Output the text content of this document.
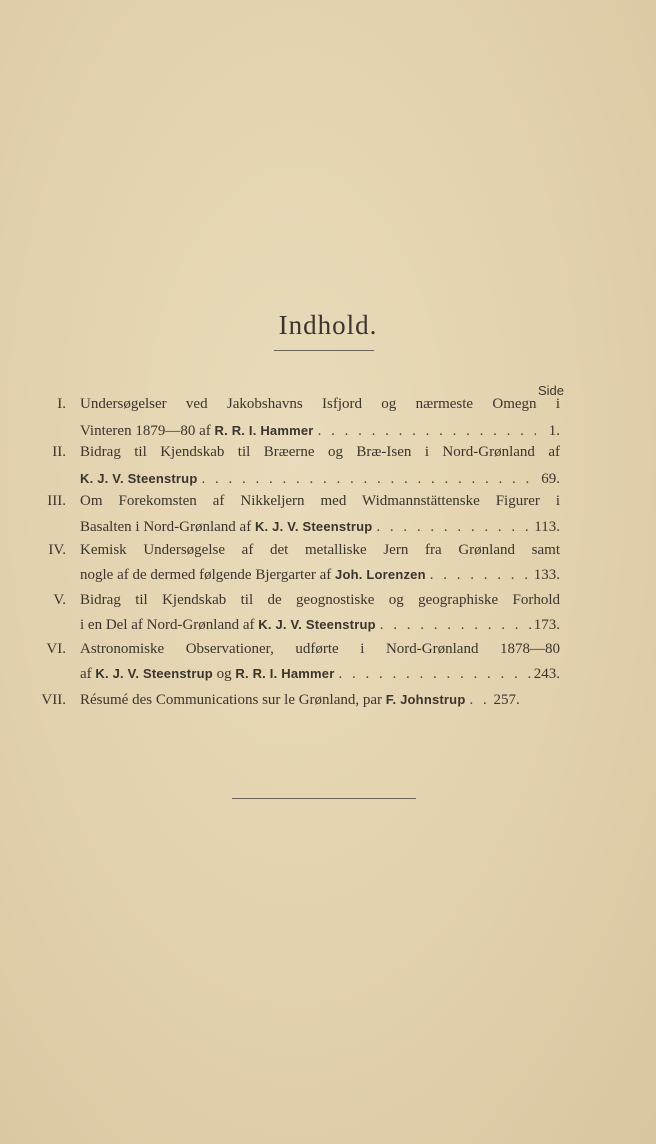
Indhold.
Side
I. Undersøgelser ved Jakobshavns Isfjord og nærmeste Omegn i
Vinteren 1879—80 af R. R. I. Hammer . . .	1.
II. Bidrag til Kjendskab til Bræerne og Bræ-Isen i Nord-Grønland af
K. J. V. Steenstrup . . .	69.
III. Om Forekomsten af Nikkeljern med Widmannstättenske Figurer i
Basalten i Nord-Grønland af K. J. V. Steenstrup . . .	113.
IV. Kemisk Undersøgelse af det metalliske Jern fra Grønland samt
nogle af de dermed følgende Bjergarter af Joh. Lorenzen . . .	133.
V. Bidrag til Kjendskab til de geognostiske og geographiske Forhold
i en Del af Nord-Grønland af K. J. V. Steenstrup . . .	173.
VI. Astronomiske Observationer, udførte i Nord-Grønland 1878—80
af K. J. V. Steenstrup og R. R. I. Hammer . . .	243.
VII. Résumé des Communications sur le Grønland, par F. Johnstrup . . . 257.
